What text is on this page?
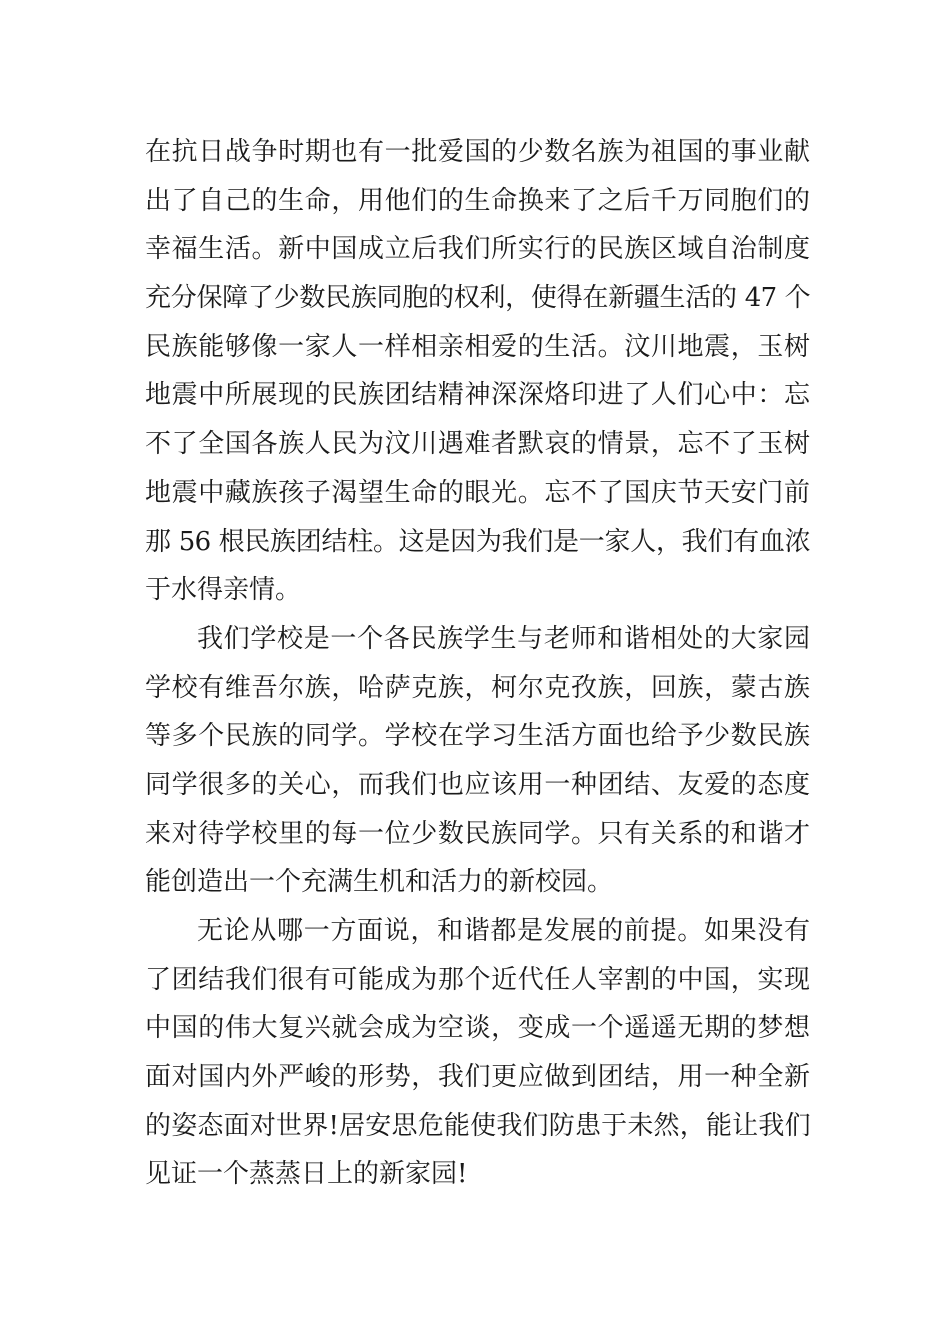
在抗日战争时期也有一批爱国的少数名族为祖国的事业献
出了自己的生命，用他们的生命换来了之后千万同胞们的
幸福生活。新中国成立后我们所实行的民族区域自治制度
充分保障了少数民族同胞的权利，使得在新疆生活的 47 个
民族能够像一家人一样相亲相爱的生活。汶川地震，玉树
地震中所展现的民族团结精神深深烙印进了人们心中：忘
不了全国各族人民为汶川遇难者默哀的情景，忘不了玉树
地震中藏族孩子渴望生命的眼光。忘不了国庆节天安门前
那 56 根民族团结柱。这是因为我们是一家人，我们有血浓
于水得亲情。
我们学校是一个各民族学生与老师和谐相处的大家园
学校有维吾尔族，哈萨克族，柯尔克孜族，回族，蒙古族
等多个民族的同学。学校在学习生活方面也给予少数民族
同学很多的关心，而我们也应该用一种团结、友爱的态度
来对待学校里的每一位少数民族同学。只有关系的和谐才
能创造出一个充满生机和活力的新校园。
无论从哪一方面说，和谐都是发展的前提。如果没有
了团结我们很有可能成为那个近代任人宰割的中国，实现
中国的伟大复兴就会成为空谈，变成一个遥遥无期的梦想
面对国内外严峻的形势，我们更应做到团结，用一种全新
的姿态面对世界!居安思危能使我们防患于未然，能让我们
见证一个蒸蒸日上的新家园!
